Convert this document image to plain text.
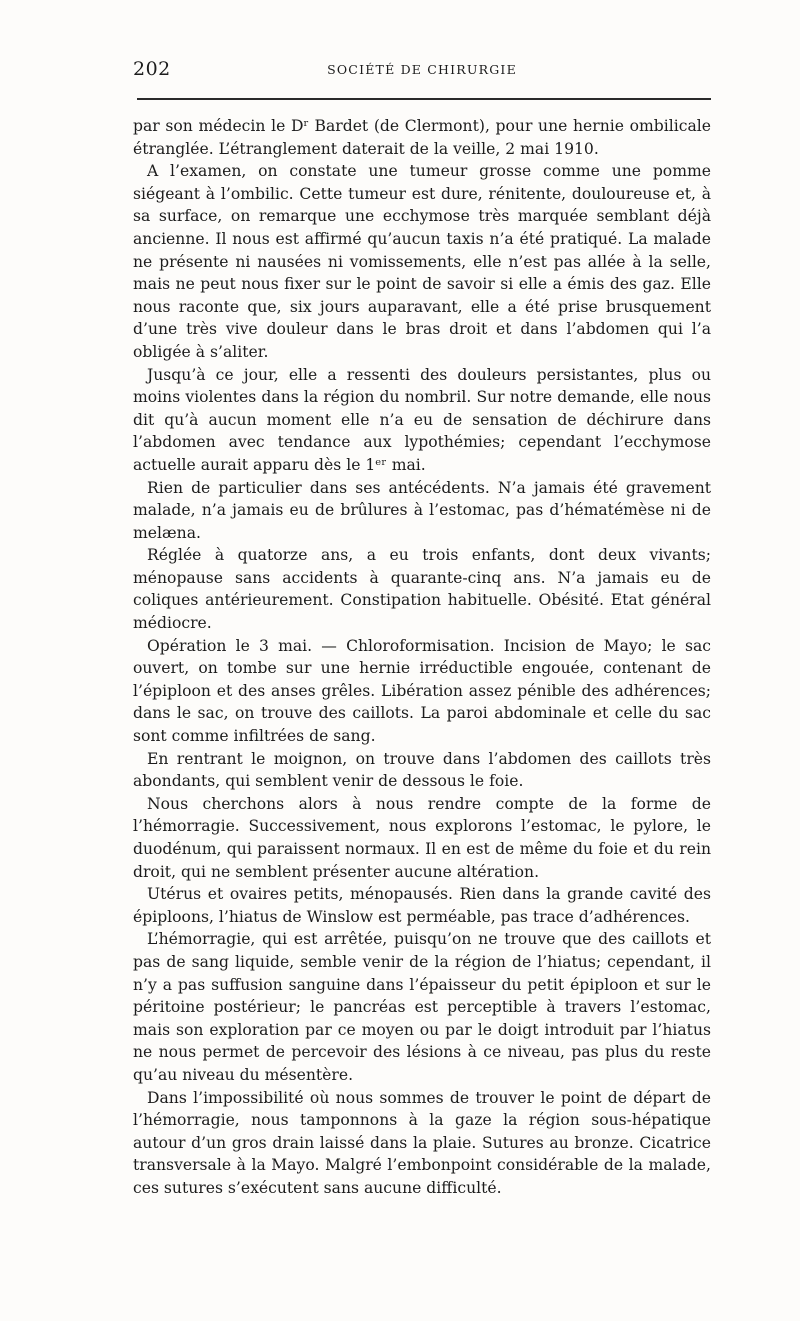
202	SOCIÉTÉ DE CHIRURGIE

par son médecin le Dʳ Bardet (de Clermont), pour une hernie ombilicale étranglée. L’étranglement daterait de la veille, 2 mai 1910.

A l’examen, on constate une tumeur grosse comme une pomme siégeant à l’ombilic. Cette tumeur est dure, rénitente, douloureuse et, à sa surface, on remarque une ecchymose très marquée semblant déjà ancienne. Il nous est affirmé qu’aucun taxis n’a été pratiqué. La malade ne présente ni nausées ni vomissements, elle n’est pas allée à la selle, mais ne peut nous fixer sur le point de savoir si elle a émis des gaz. Elle nous raconte que, six jours auparavant, elle a été prise brusquement d’une très vive douleur dans le bras droit et dans l’abdomen qui l’a obligée à s’aliter.

Jusqu’à ce jour, elle a ressenti des douleurs persistantes, plus ou moins violentes dans la région du nombril. Sur notre demande, elle nous dit qu’à aucun moment elle n’a eu de sensation de déchirure dans l’abdomen avec tendance aux lypothémies; cependant l’ecchymose actuelle aurait apparu dès le 1ᵉʳ mai.

Rien de particulier dans ses antécédents. N’a jamais été gravement malade, n’a jamais eu de brûlures à l’estomac, pas d’hématémèse ni de melæna.

Réglée à quatorze ans, a eu trois enfants, dont deux vivants; ménopause sans accidents à quarante-cinq ans. N’a jamais eu de coliques antérieurement. Constipation habituelle. Obésité. Etat général médiocre.

Opération le 3 mai. — Chloroformisation. Incision de Mayo; le sac ouvert, on tombe sur une hernie irréductible engouée, contenant de l’épiploon et des anses grêles. Libération assez pénible des adhérences; dans le sac, on trouve des caillots. La paroi abdominale et celle du sac sont comme infiltrées de sang.

En rentrant le moignon, on trouve dans l’abdomen des caillots très abondants, qui semblent venir de dessous le foie.

Nous cherchons alors à nous rendre compte de la forme de l’hémorragie. Successivement, nous explorons l’estomac, le pylore, le duodénum, qui paraissent normaux. Il en est de même du foie et du rein droit, qui ne semblent présenter aucune altération.

Utérus et ovaires petits, ménopausés. Rien dans la grande cavité des épiploons, l’hiatus de Winslow est perméable, pas trace d’adhérences.

L’hémorragie, qui est arrêtée, puisqu’on ne trouve que des caillots et pas de sang liquide, semble venir de la région de l’hiatus; cependant, il n’y a pas suffusion sanguine dans l’épaisseur du petit épiploon et sur le péritoine postérieur; le pancréas est perceptible à travers l’estomac, mais son exploration par ce moyen ou par le doigt introduit par l’hiatus ne nous permet de percevoir des lésions à ce niveau, pas plus du reste qu’au niveau du mésentère.

Dans l’impossibilité où nous sommes de trouver le point de départ de l’hémorragie, nous tamponnons à la gaze la région sous-hépatique autour d’un gros drain laissé dans la plaie. Sutures au bronze. Cicatrice transversale à la Mayo. Malgré l’embonpoint considérable de la malade, ces sutures s’exécutent sans aucune difficulté.
